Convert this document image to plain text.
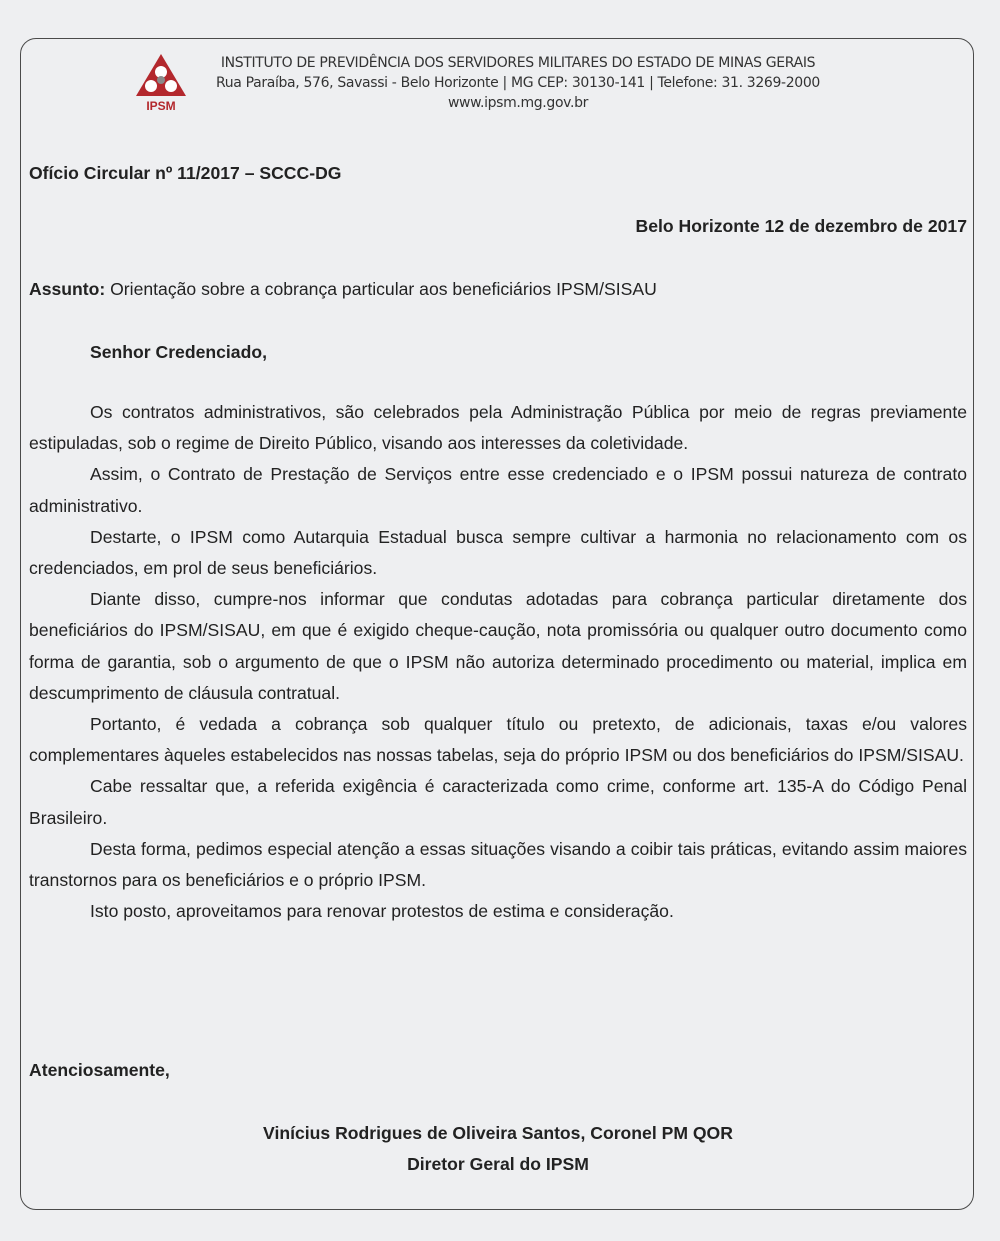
IPSM
INSTITUTO DE PREVIDÊNCIA DOS SERVIDORES MILITARES DO ESTADO DE MINAS GERAIS
Rua Paraíba, 576, Savassi - Belo Horizonte | MG CEP: 30130-141 | Telefone: 31. 3269-2000
www.ipsm.mg.gov.br
Ofício Circular nº 11/2017 – SCCC-DG
Belo Horizonte 12 de dezembro de 2017
Assunto: Orientação sobre a cobrança particular aos beneficiários IPSM/SISAU
Senhor Credenciado,
Os contratos administrativos, são celebrados pela Administração Pública por meio de regras previamente estipuladas, sob o regime de Direito Público, visando aos interesses da coletividade.
Assim, o Contrato de Prestação de Serviços entre esse credenciado e o IPSM possui natureza de contrato administrativo.
Destarte, o IPSM como Autarquia Estadual busca sempre cultivar a harmonia no relacionamento com os credenciados, em prol de seus beneficiários.
Diante disso, cumpre-nos informar que condutas adotadas para cobrança particular diretamente dos beneficiários do IPSM/SISAU, em que é exigido cheque-caução, nota promissória ou qualquer outro documento como forma de garantia, sob o argumento de que o IPSM não autoriza determinado procedimento ou material, implica em descumprimento de cláusula contratual.
Portanto, é vedada a cobrança sob qualquer título ou pretexto, de adicionais, taxas e/ou valores complementares àqueles estabelecidos nas nossas tabelas, seja do próprio IPSM ou dos beneficiários do IPSM/SISAU.
Cabe ressaltar que, a referida exigência é caracterizada como crime, conforme art. 135-A do Código Penal Brasileiro.
Desta forma, pedimos especial atenção a essas situações visando a coibir tais práticas, evitando assim maiores transtornos para os beneficiários e o próprio IPSM.
Isto posto, aproveitamos para renovar protestos de estima e consideração.
Atenciosamente,
Vinícius Rodrigues de Oliveira Santos, Coronel PM QOR
Diretor Geral do IPSM
